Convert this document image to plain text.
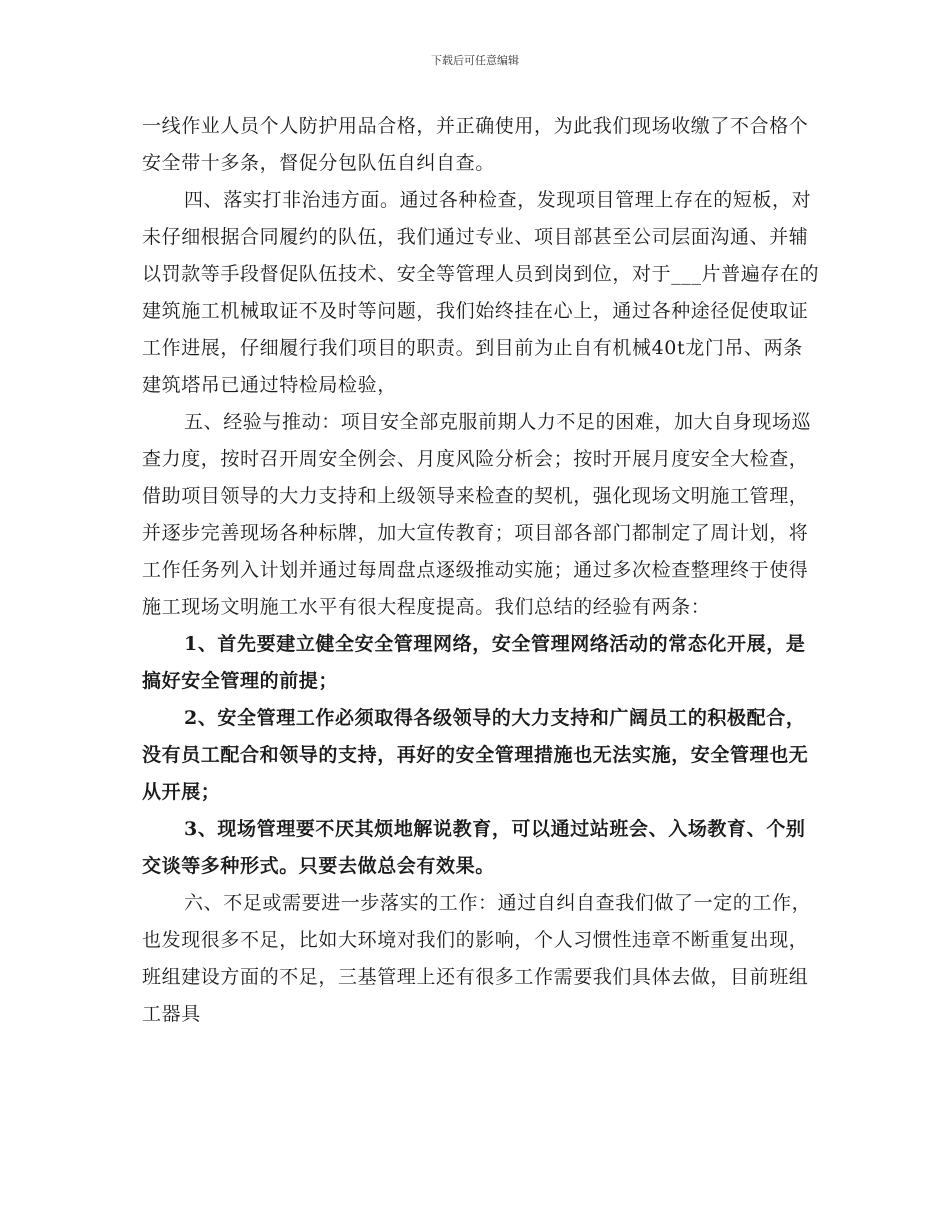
下载后可任意编辑

一线作业人员个人防护用品合格，并正确使用，为此我们现场收缴了不合格个安全带十多条，督促分包队伍自纠自查。

四、落实打非治违方面。通过各种检查，发现项目管理上存在的短板，对未仔细根据合同履约的队伍，我们通过专业、项目部甚至公司层面沟通、并辅以罚款等手段督促队伍技术、安全等管理人员到岗到位，对于___片普遍存在的建筑施工机械取证不及时等问题，我们始终挂在心上，通过各种途径促使取证工作进展，仔细履行我们项目的职责。到目前为止自有机械40t龙门吊、两条建筑塔吊已通过特检局检验，

五、经验与推动：项目安全部克服前期人力不足的困难，加大自身现场巡查力度，按时召开周安全例会、月度风险分析会；按时开展月度安全大检查，借助项目领导的大力支持和上级领导来检查的契机，强化现场文明施工管理，并逐步完善现场各种标牌，加大宣传教育；项目部各部门都制定了周计划，将工作任务列入计划并通过每周盘点逐级推动实施；通过多次检查整理终于使得施工现场文明施工水平有很大程度提高。我们总结的经验有两条：

1、首先要建立健全安全管理网络，安全管理网络活动的常态化开展，是搞好安全管理的前提；

2、安全管理工作必须取得各级领导的大力支持和广阔员工的积极配合，没有员工配合和领导的支持，再好的安全管理措施也无法实施，安全管理也无从开展；

3、现场管理要不厌其烦地解说教育，可以通过站班会、入场教育、个别交谈等多种形式。只要去做总会有效果。

六、不足或需要进一步落实的工作：通过自纠自查我们做了一定的工作，也发现很多不足，比如大环境对我们的影响，个人习惯性违章不断重复出现，班组建设方面的不足，三基管理上还有很多工作需要我们具体去做，目前班组工器具
